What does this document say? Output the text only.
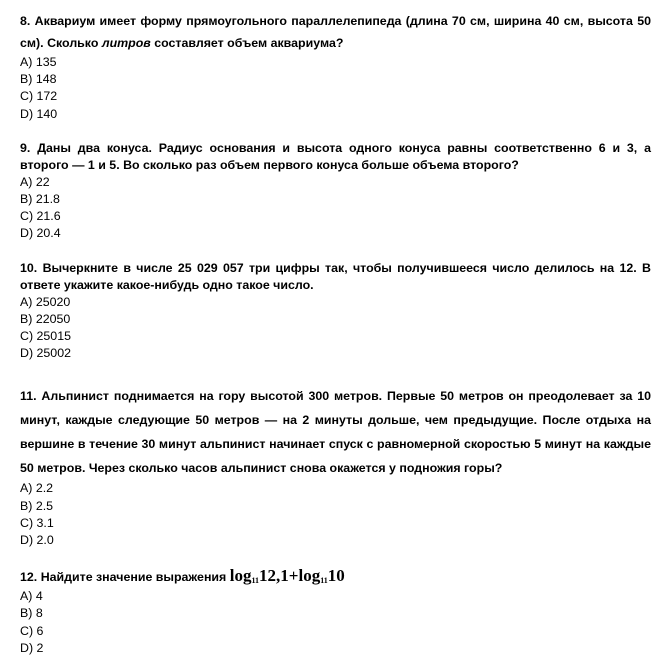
8. Аквариум имеет форму прямоугольного параллелепипеда (длина 70 см, ширина 40 см, высота 50 см). Сколько литров составляет объем аквариума?
A) 135
B) 148
C) 172
D) 140
9. Даны два конуса. Радиус основания и высота одного конуса равны соответственно 6 и 3, а второго — 1 и 5. Во сколько раз объем первого конуса больше объема второго?
A) 22
B) 21.8
C) 21.6
D) 20.4
10. Вычеркните в числе 25 029 057 три цифры так, чтобы получившееся число делилось на 12. В ответе укажите какое-нибудь одно такое число.
A) 25020
B) 22050
C) 25015
D) 25002
11. Альпинист поднимается на гору высотой 300 метров. Первые 50 метров он преодолевает за 10 минут, каждые следующие 50 метров — на 2 минуты дольше, чем предыдущие. После отдыха на вершине в течение 30 минут альпинист начинает спуск с равномерной скоростью 5 минут на каждые 50 метров. Через сколько часов альпинист снова окажется у подножия горы?
A) 2.2
B) 2.5
C) 3.1
D) 2.0
12. Найдите значение выражения $\log_{11}12,1+\log_{11}10$
A) 4
B) 8
C) 6
D) 2
